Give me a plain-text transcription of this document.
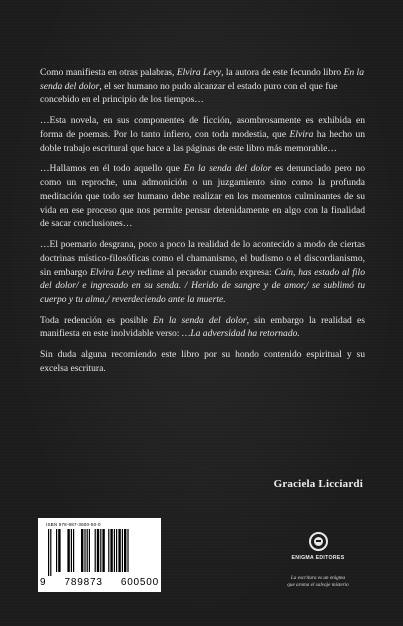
Como manifiesta en otras palabras, Elvira Levy, la autora de este fecundo libro En la senda del dolor, el ser humano no pudo alcanzar el estado puro con el que fue concebido en el principio de los tiempos…

…Esta novela, en sus componentes de ficción, asombrosamente es exhibida en forma de poemas. Por lo tanto infiero, con toda modestia, que Elvira ha hecho un doble trabajo escritural que hace a las páginas de este libro más memorable…

…Hallamos en él todo aquello que En la senda del dolor es denunciado pero no como un reproche, una admonición o un juzgamiento sino como la profunda meditación que todo ser humano debe realizar en los momentos culminantes de su vida en ese proceso que nos permite pensar detenidamente en algo con la finalidad de sacar conclusiones…

…El poemario desgrana, poco a poco la realidad de lo acontecido a modo de ciertas doctrinas místico-filosóficas como el chamanismo, el budismo o el discordianismo, sin embargo Elvira Levy redime al pecador cuando expresa: Caín, has estado al filo del dolor/ e ingresado en su senda. / Herido de sangre y de amor,/ se sublimó tu cuerpo y tu alma,/ reverdeciendo ante la muerte.

Toda redención es posible En la senda del dolor, sin embargo la realidad es manifiesta en este inolvidable verso: …La adversidad ha retornado.

Sin duda alguna recomiendo este libro por su hondo contenido espiritual y su excelsa escritura.

Graciela Licciardi
ISBN 978-987-3600-50-0
9 789873 600500
ENIGMA EDITORES
La escritura es un enigma
que aroma el salvaje misterio
